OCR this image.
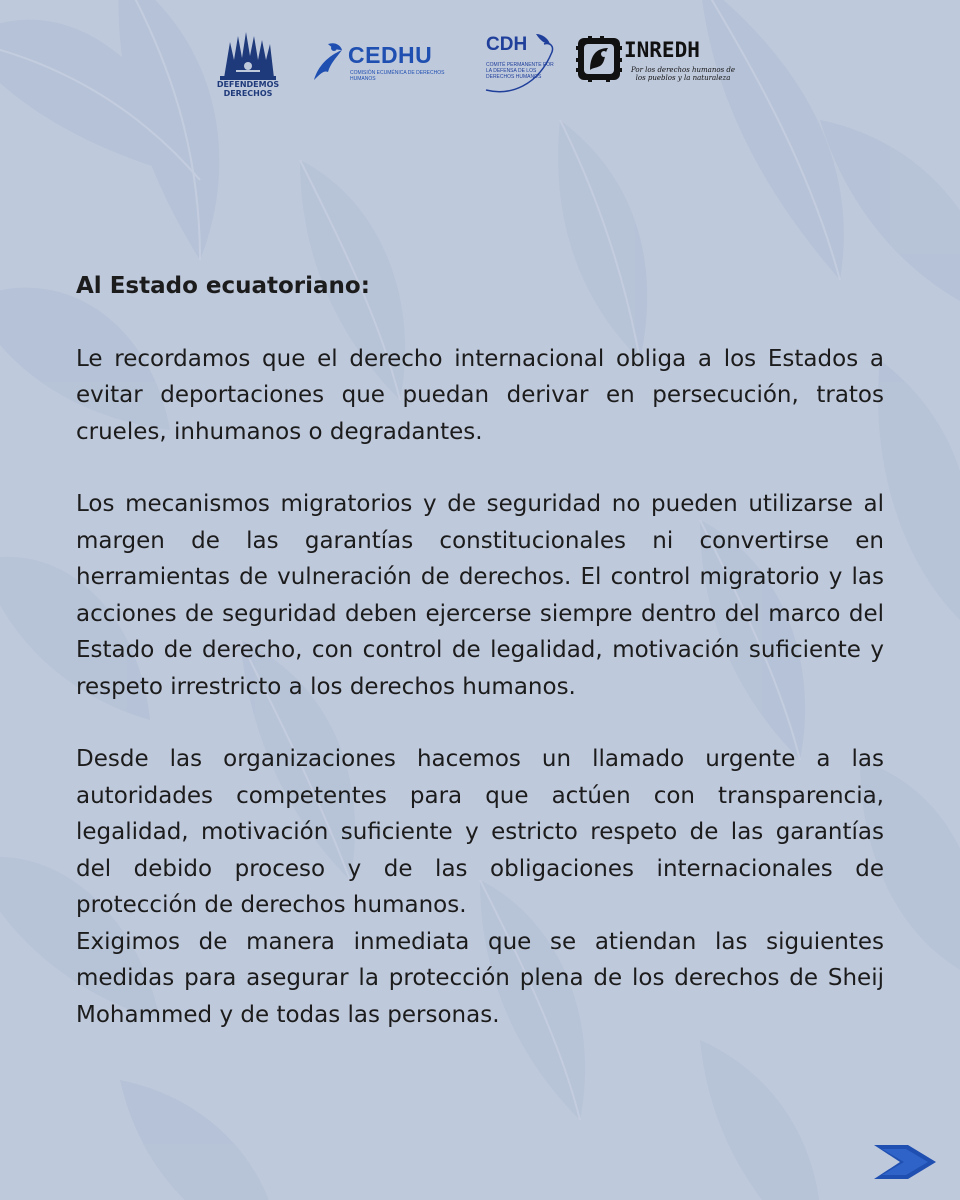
DEFENDEMOS DERECHOS
CEDHU
COMISIÓN ECUMÉNICA DE DERECHOS HUMANOS
CDH
COMITÉ PERMANENTE POR LA DEFENSA DE LOS DERECHOS HUMANOS
INREDH
Por los derechos humanos de los pueblos y la naturaleza

Al Estado ecuatoriano:

Le recordamos que el derecho internacional obliga a los Estados a evitar deportaciones que puedan derivar en persecución, tratos crueles, inhumanos o degradantes.

Los mecanismos migratorios y de seguridad no pueden utilizarse al margen de las garantías constitucionales ni convertirse en herramientas de vulneración de derechos. El control migratorio y las acciones de seguridad deben ejercerse siempre dentro del marco del Estado de derecho, con control de legalidad, motivación suficiente y respeto irrestricto a los derechos humanos.

Desde las organizaciones hacemos un llamado urgente a las autoridades competentes para que actúen con transparencia, legalidad, motivación suficiente y estricto respeto de las garantías del debido proceso y de las obligaciones internacionales de protección de derechos humanos.

Exigimos de manera inmediata que se atiendan las siguientes medidas para asegurar la protección plena de los derechos de Sheij Mohammed y de todas las personas.
